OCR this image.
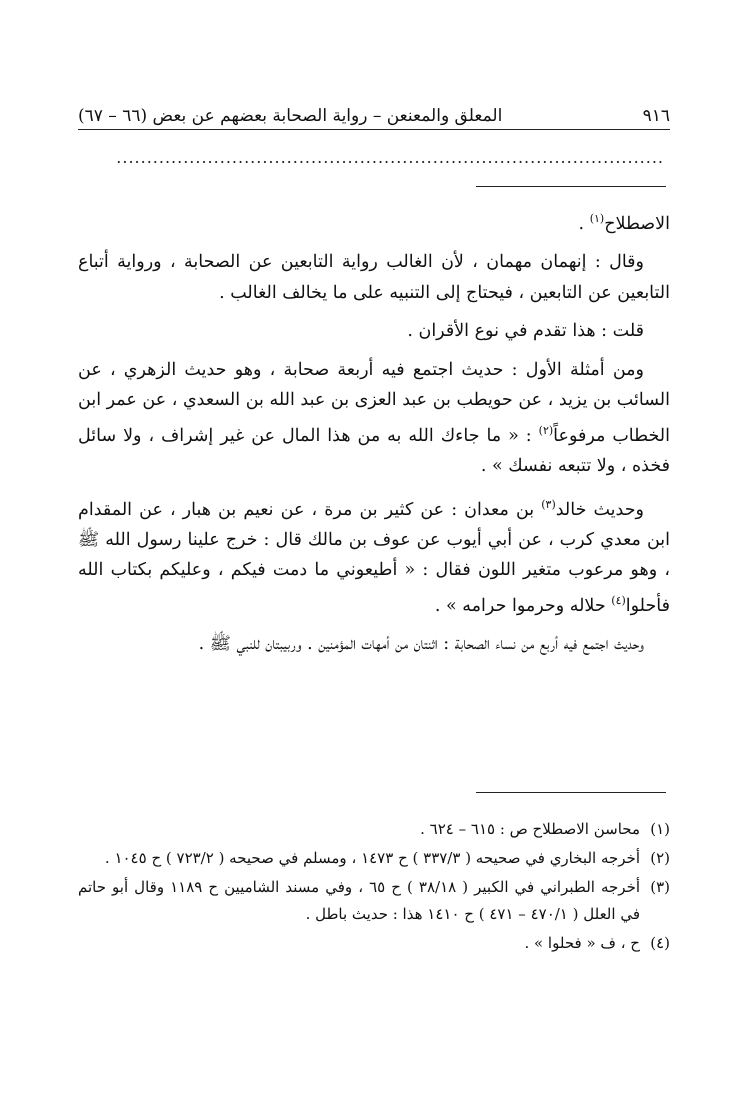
٩١٦
المعلق والمعنعن – رواية الصحابة بعضهم عن بعض (٦٦ – ٦٧)
..........................................................................................

الاصطلاح$^{(١)}$ .

وقال : إنهمان مهمان ، لأن الغالب رواية التابعين عن الصحابة ، ورواية أتباع التابعين عن التابعين ، فيحتاج إلى التنبيه على ما يخالف الغالب .

قلت : هذا تقدم في نوع الأقران .

ومن أمثلة الأول : حديث اجتمع فيه أربعة صحابة ، وهو حديث الزهري ، عن السائب بن يزيد ، عن حويطب بن عبد العزى بن عبد الله بن السعدي ، عن عمر ابن الخطاب مرفوعاً$^{(٢)}$ : « ما جاءك الله به من هذا المال عن غير إشراف ، ولا سائل فخذه ، ولا تتبعه نفسك » .

وحديث خالد$^{(٣)}$ بن معدان : عن كثير بن مرة ، عن نعيم بن هبار ، عن المقدام ابن معدي كرب ، عن أبي أيوب عن عوف بن مالك قال : خرج علينا رسول الله ﷺ ، وهو مرعوب متغير اللون فقال : « أطيعوني ما دمت فيكم ، وعليكم بكتاب الله فأحلوا$^{(٤)}$ حلاله وحرموا حرامه » .

وحديث اجتمع فيه أربع من نساء الصحابة : اثنتان من أمهات المؤمنين . وربيبتان للنبي ﷺ .

(١)
محاسن الاصطلاح ص : ٦١٥ – ٦٢٤ .
(٢)
أخرجه البخاري في صحيحه ( ٣٣٧/٣ ) ح ١٤٧٣ ، ومسلم في صحيحه ( ٧٢٣/٢ ) ح ١٠٤٥ .
(٣)
أخرجه الطبراني في الكبير ( ٣٨/١٨ ) ح ٦٥ ، وفي مسند الشاميين ح ١١٨٩ وقال أبو حاتم في العلل ( ٤٧٠/١ – ٤٧١ ) ح ١٤١٠ هذا : حديث باطل .
(٤)
ح ، ف « فحلوا » .
